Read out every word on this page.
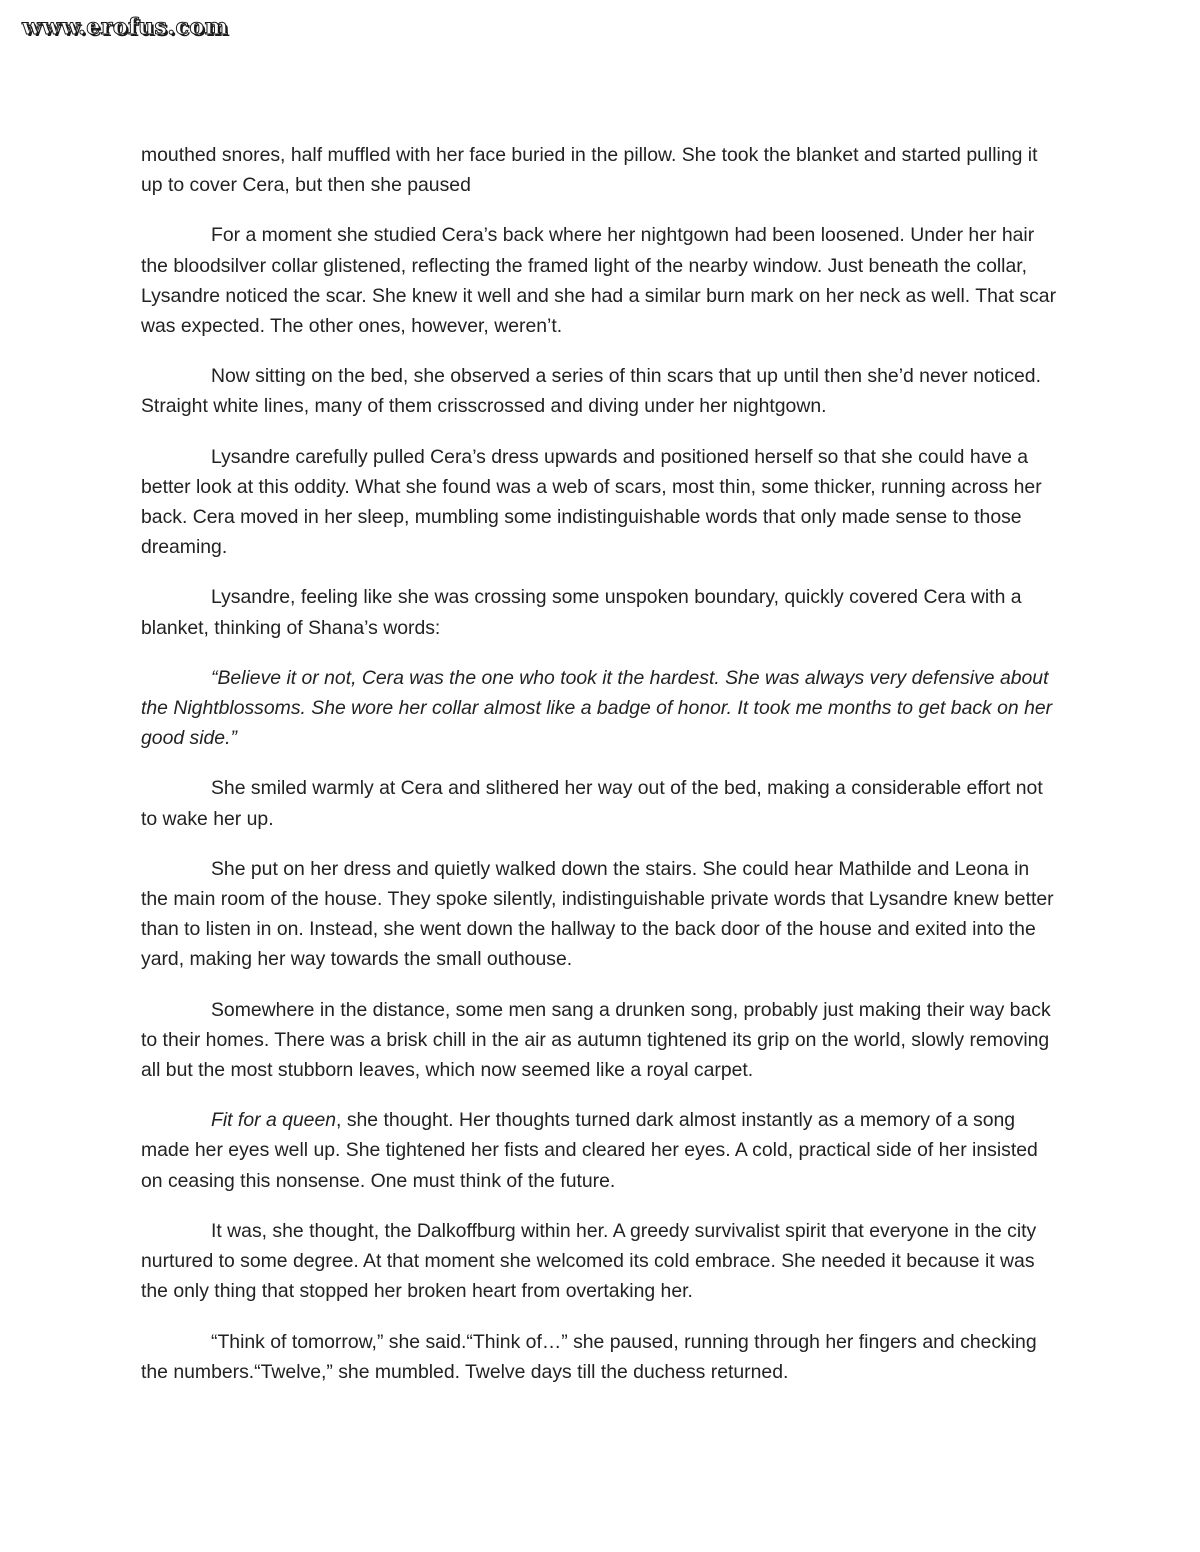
www.erofus.com

mouthed snores, half muffled with her face buried in the pillow. She took the blanket and started pulling it up to cover Cera, but then she paused

For a moment she studied Cera’s back where her nightgown had been loosened. Under her hair the bloodsilver collar glistened, reflecting the framed light of the nearby window. Just beneath the collar, Lysandre noticed the scar. She knew it well and she had a similar burn mark on her neck as well. That scar was expected. The other ones, however, weren’t.

Now sitting on the bed, she observed a series of thin scars that up until then she’d never noticed. Straight white lines, many of them crisscrossed and diving under her nightgown.

Lysandre carefully pulled Cera’s dress upwards and positioned herself so that she could have a better look at this oddity. What she found was a web of scars, most thin, some thicker, running across her back. Cera moved in her sleep, mumbling some indistinguishable words that only made sense to those dreaming.

Lysandre, feeling like she was crossing some unspoken boundary, quickly covered Cera with a blanket, thinking of Shana’s words:

“Believe it or not, Cera was the one who took it the hardest. She was always very defensive about the Nightblossoms. She wore her collar almost like a badge of honor. It took me months to get back on her good side.”

She smiled warmly at Cera and slithered her way out of the bed, making a considerable effort not to wake her up.

She put on her dress and quietly walked down the stairs. She could hear Mathilde and Leona in the main room of the house. They spoke silently, indistinguishable private words that Lysandre knew better than to listen in on. Instead, she went down the hallway to the back door of the house and exited into the yard, making her way towards the small outhouse.

Somewhere in the distance, some men sang a drunken song, probably just making their way back to their homes. There was a brisk chill in the air as autumn tightened its grip on the world, slowly removing all but the most stubborn leaves, which now seemed like a royal carpet.

Fit for a queen, she thought. Her thoughts turned dark almost instantly as a memory of a song made her eyes well up. She tightened her fists and cleared her eyes. A cold, practical side of her insisted on ceasing this nonsense. One must think of the future.

It was, she thought, the Dalkoffburg within her. A greedy survivalist spirit that everyone in the city nurtured to some degree. At that moment she welcomed its cold embrace. She needed it because it was the only thing that stopped her broken heart from overtaking her.

“Think of tomorrow,” she said.“Think of…” she paused, running through her fingers and checking the numbers.“Twelve,” she mumbled. Twelve days till the duchess returned.
